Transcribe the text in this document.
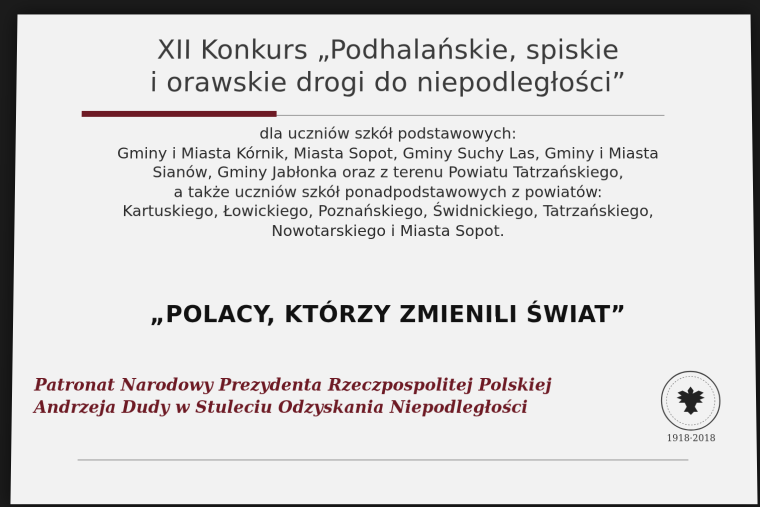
XII Konkurs „Podhalańskie, spiskie
i orawskie drogi do niepodległości”
dla uczniów szkół podstawowych:
Gminy i Miasta Kórnik, Miasta Sopot, Gminy Suchy Las, Gminy i Miasta
Sianów, Gminy Jabłonka oraz z terenu Powiatu Tatrzańskiego,
a także uczniów szkół ponadpodstawowych z powiatów:
Kartuskiego, Łowickiego, Poznańskiego, Świdnickiego, Tatrzańskiego,
Nowotarskiego i Miasta Sopot.
„POLACY, KTÓRZY ZMIENILI ŚWIAT”
Patronat Narodowy Prezydenta Rzeczpospolitej Polskiej
Andrzeja Dudy w Stuleciu Odzyskania Niepodległości
1918·2018
